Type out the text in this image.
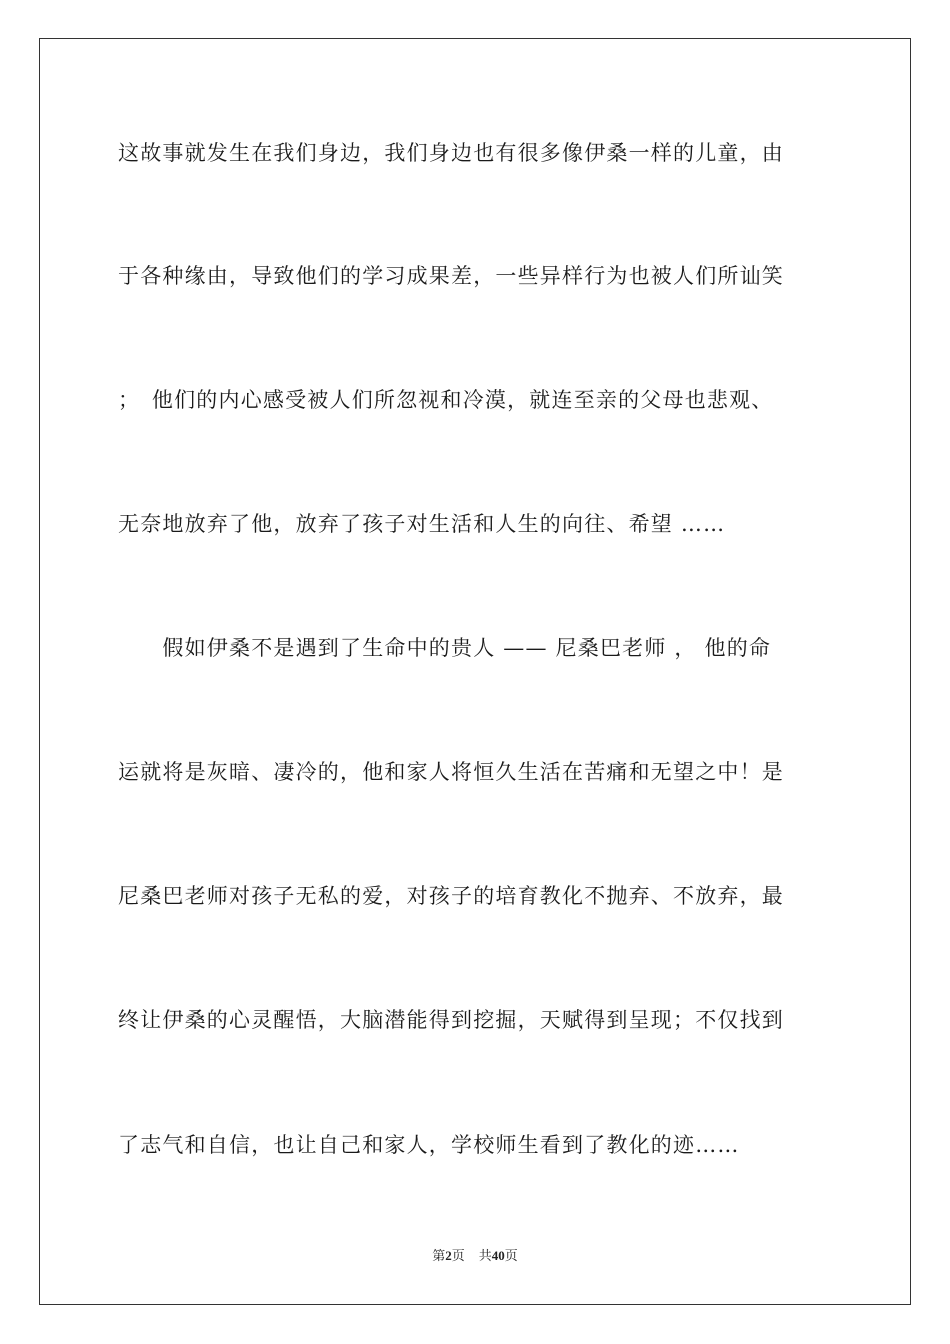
这故事就发生在我们身边，我们身边也有很多像伊桑一样的儿童，由
于各种缘由，导致他们的学习成果差，一些异样行为也被人们所讪笑
；　他们的内心感受被人们所忽视和冷漠，就连至亲的父母也悲观、
无奈地放弃了他，放弃了孩子对生活和人生的向往、希望 ……
　　假如伊桑不是遇到了生命中的贵人 —— 尼桑巴老师 ， 他的命
运就将是灰暗、凄冷的，他和家人将恒久生活在苦痛和无望之中！是
尼桑巴老师对孩子无私的爱，对孩子的培育教化不抛弃、不放弃，最
终让伊桑的心灵醒悟，大脑潜能得到挖掘，天赋得到呈现；不仅找到
了志气和自信，也让自己和家人，学校师生看到了教化的迹……
第2页 共40页
